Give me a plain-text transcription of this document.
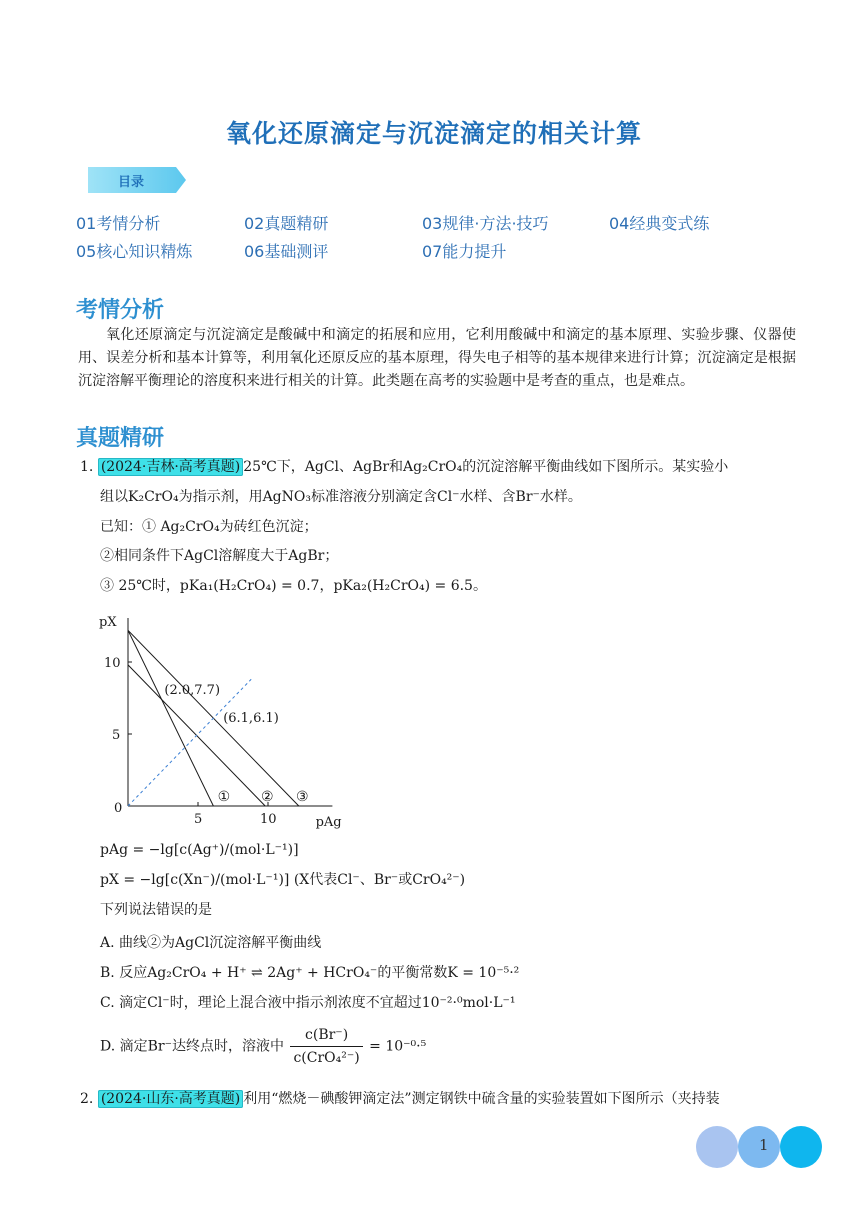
氧化还原滴定与沉淀滴定的相关计算
目录
01考情分析	02真题精研	03规律·方法·技巧	04经典变式练
05核心知识精炼	06基础测评	07能力提升
考情分析
氧化还原滴定与沉淀滴定是酸碱中和滴定的拓展和应用，它利用酸碱中和滴定的基本原理、实验步骤、仪器使用、误差分析和基本计算等，利用氧化还原反应的基本原理，得失电子相等的基本规律来进行计算；沉淀滴定是根据沉淀溶解平衡理论的溶度积来进行相关的计算。此类题在高考的实验题中是考查的重点，也是难点。
真题精研
1. (2024·吉林·高考真题) 25℃下，AgCl、AgBr和Ag₂CrO₄的沉淀溶解平衡曲线如下图所示。某实验小
组以K₂CrO₄为指示剂，用AgNO₃标准溶液分别滴定含Cl⁻水样、含Br⁻水样。
已知：① Ag₂CrO₄为砖红色沉淀；
②相同条件下AgCl溶解度大于AgBr；
③ 25℃时，pKa₁(H₂CrO₄) = 0.7，pKa₂(H₂CrO₄) = 6.5。
pX
pAg
0
5	10
5
10
(2.0,7.7)
(6.1,6.1)
① ② ③
pAg = −lg[c(Ag⁺)/(mol·L⁻¹)]
pX = −lg[c(Xn⁻)/(mol·L⁻¹)] (X代表Cl⁻、Br⁻或CrO₄²⁻)
下列说法错误的是
A. 曲线②为AgCl沉淀溶解平衡曲线
B. 反应Ag₂CrO₄ + H⁺ ⇌ 2Ag⁺ + HCrO₄⁻的平衡常数K = 10⁻⁵·²
C. 滴定Cl⁻时，理论上混合液中指示剂浓度不宜超过10⁻²·⁰mol·L⁻¹
D. 滴定Br⁻达终点时，溶液中 $\frac{c(Br^-)}{\text{c(CrO₄²⁻)}} = 10^{-0}\cdot^5$
2. (2024·山东·高考真题) 利用“燃烧－碘酸钾滴定法”测定钢铁中硫含量的实验装置如下图所示（夹持装
1
